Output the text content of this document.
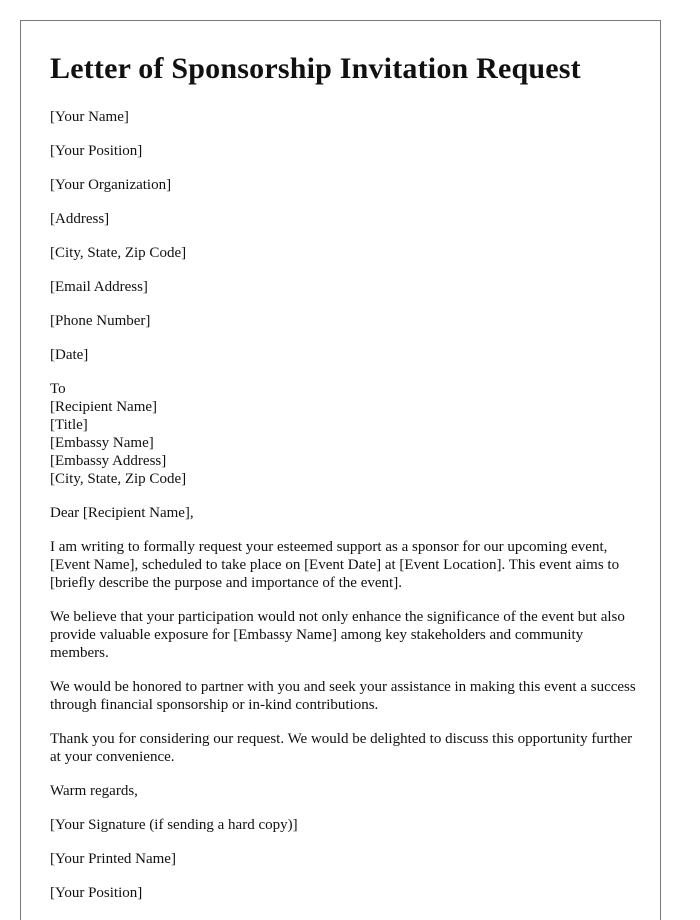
Letter of Sponsorship Invitation Request

[Your Name]

[Your Position]

[Your Organization]

[Address]

[City, State, Zip Code]

[Email Address]

[Phone Number]

[Date]

To
[Recipient Name]
[Title]
[Embassy Name]
[Embassy Address]
[City, State, Zip Code]

Dear [Recipient Name],

I am writing to formally request your esteemed support as a sponsor for our upcoming event, [Event Name], scheduled to take place on [Event Date] at [Event Location]. This event aims to [briefly describe the purpose and importance of the event].

We believe that your participation would not only enhance the significance of the event but also provide valuable exposure for [Embassy Name] among key stakeholders and community members.

We would be honored to partner with you and seek your assistance in making this event a success through financial sponsorship or in-kind contributions.

Thank you for considering our request. We would be delighted to discuss this opportunity further at your convenience.

Warm regards,

[Your Signature (if sending a hard copy)]

[Your Printed Name]

[Your Position]
